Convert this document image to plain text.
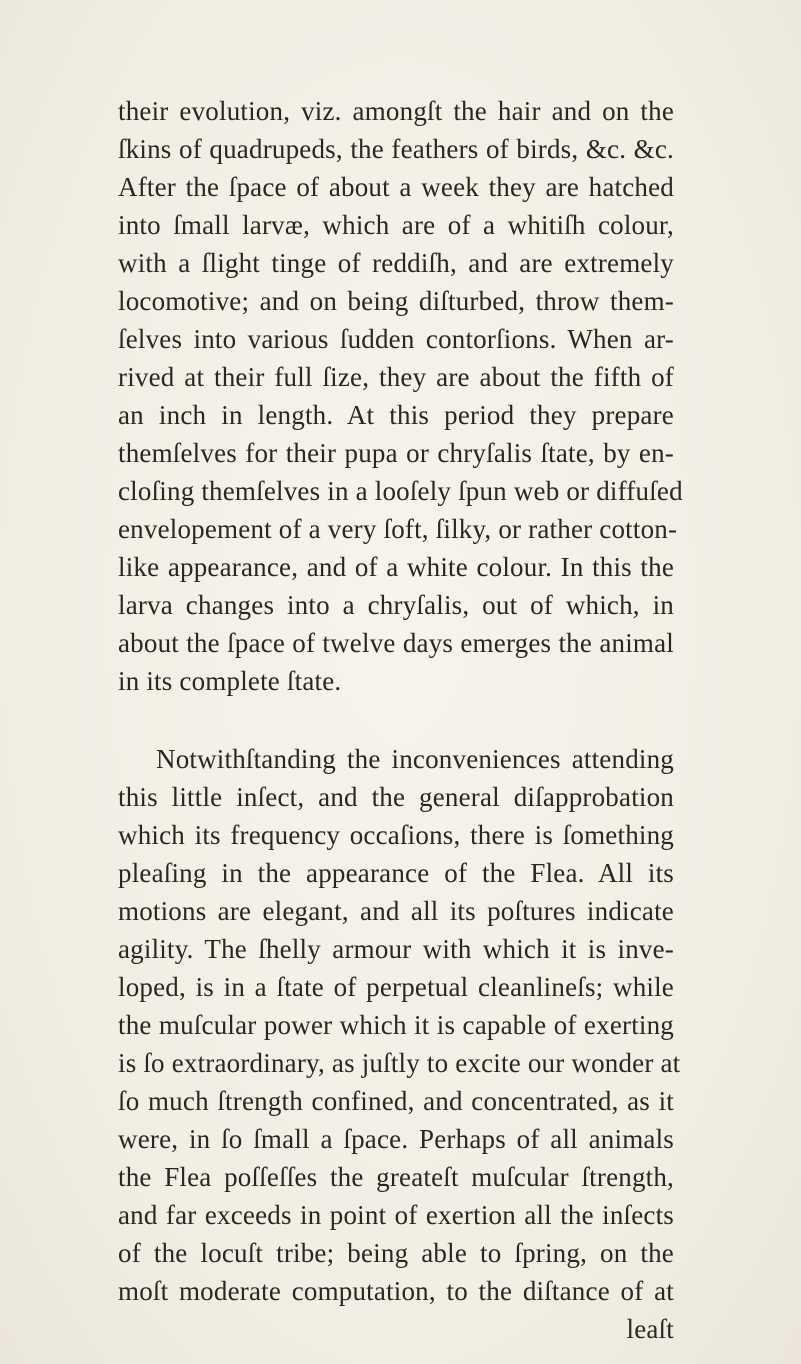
their evolution, viz. amongſt the hair and on the
ſkins of quadrupeds, the feathers of birds, &c. &c.
After the ſpace of about a week they are hatched
into ſmall larvæ, which are of a whitiſh colour,
with a ſlight tinge of reddiſh, and are extremely
locomotive; and on being diſturbed, throw them-
ſelves into various ſudden contorſions. When ar-
rived at their full ſize, they are about the fifth of
an inch in length. At this period they prepare
themſelves for their pupa or chryſalis ſtate, by en-
cloſing themſelves in a looſely ſpun web or diffuſed
envelopement of a very ſoft, ſilky, or rather cotton-
like appearance, and of a white colour. In this the
larva changes into a chryſalis, out of which, in
about the ſpace of twelve days emerges the animal
in its complete ſtate.
Notwithſtanding the inconveniences attending
this little inſect, and the general diſapprobation
which its frequency occaſions, there is ſomething
pleaſing in the appearance of the Flea. All its
motions are elegant, and all its poſtures indicate
agility. The ſhelly armour with which it is inve-
loped, is in a ſtate of perpetual cleanlineſs; while
the muſcular power which it is capable of exerting
is ſo extraordinary, as juſtly to excite our wonder at
ſo much ſtrength confined, and concentrated, as it
were, in ſo ſmall a ſpace. Perhaps of all animals
the Flea poſſeſſes the greateſt muſcular ſtrength,
and far exceeds in point of exertion all the inſects
of the locuſt tribe; being able to ſpring, on the
moſt moderate computation, to the diſtance of at
leaſt
